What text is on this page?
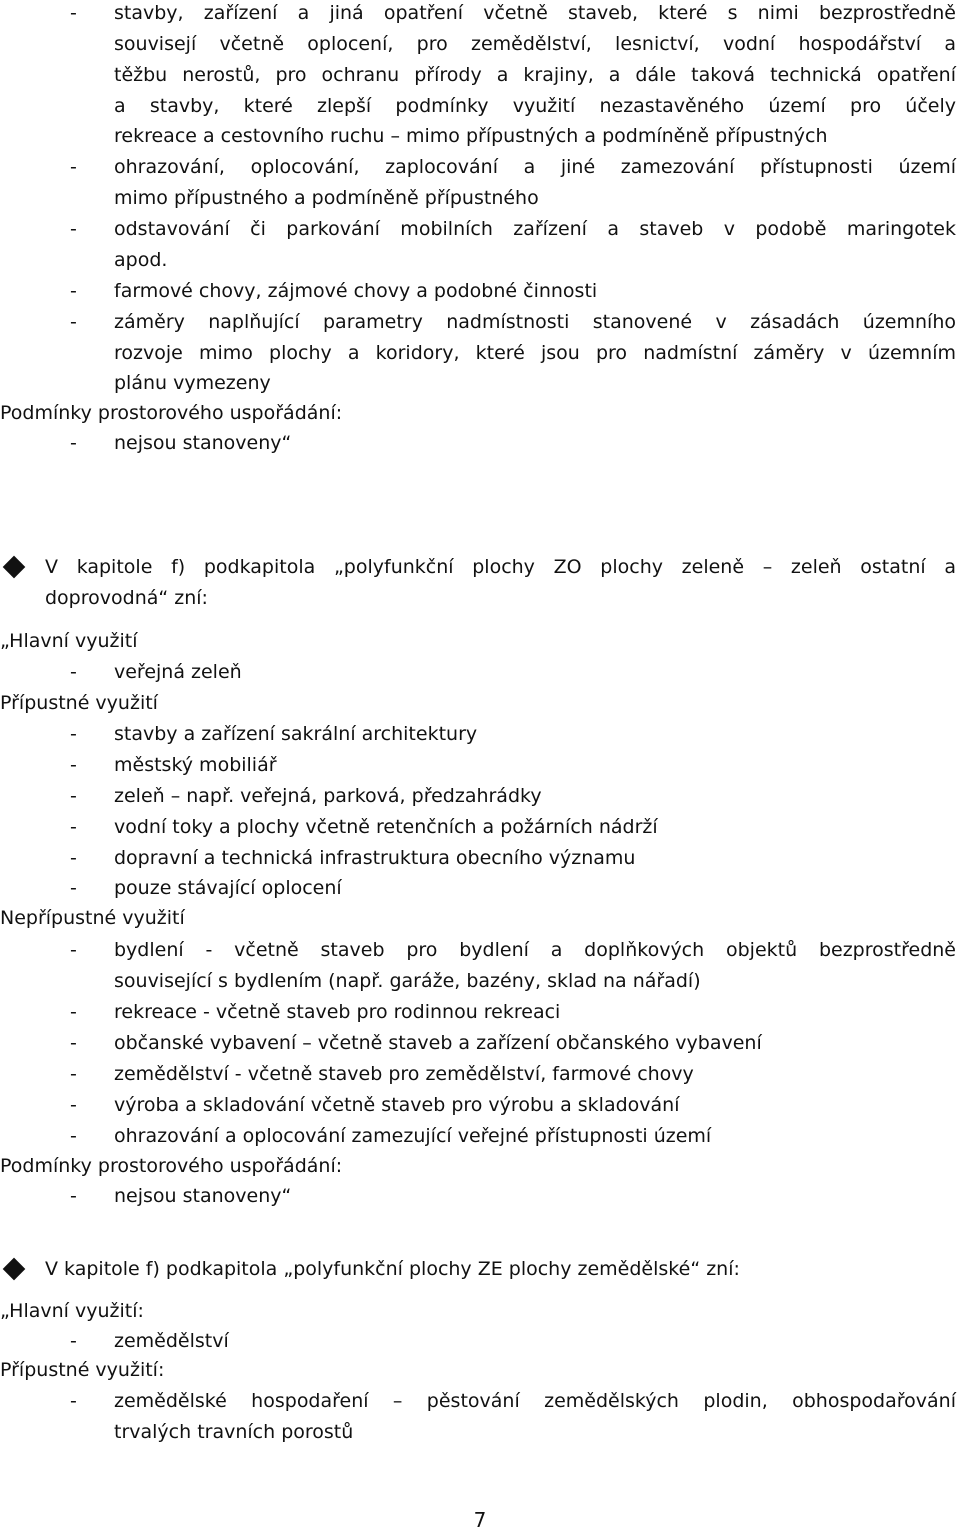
- stavby, zařízení a jiná opatření včetně staveb, které s nimi bezprostředně
souvisejí včetně oplocení, pro zemědělství, lesnictví, vodní hospodářství a
těžbu nerostů, pro ochranu přírody a krajiny, a dále taková technická opatření
a stavby, které zlepší podmínky využití nezastavěného území pro účely
rekreace a cestovního ruchu – mimo přípustných a podmíněně přípustných
- ohrazování, oplocování, zaplocování a jiné zamezování přístupnosti území
mimo přípustného a podmíněně přípustného
- odstavování či parkování mobilních zařízení a staveb v podobě maringotek
apod.
- farmové chovy, zájmové chovy a podobné činnosti
- záměry naplňující parametry nadmístnosti stanovené v zásadách územního
rozvoje mimo plochy a koridory, které jsou pro nadmístní záměry v územním
plánu vymezeny
Podmínky prostorového uspořádání:
- nejsou stanoveny“
V kapitole f) podkapitola „polyfunkční plochy ZO plochy zeleně – zeleň ostatní a
doprovodná“ zní:
„Hlavní využití
- veřejná zeleň
Přípustné využití
- stavby a zařízení sakrální architektury
- městský mobiliář
- zeleň – např. veřejná, parková, předzahrádky
- vodní toky a plochy včetně retenčních a požárních nádrží
- dopravní a technická infrastruktura obecního významu
- pouze stávající oplocení
Nepřípustné využití
- bydlení - včetně staveb pro bydlení a doplňkových objektů bezprostředně
související s bydlením (např. garáže, bazény, sklad na nářadí)
- rekreace - včetně staveb pro rodinnou rekreaci
- občanské vybavení – včetně staveb a zařízení občanského vybavení
- zemědělství - včetně staveb pro zemědělství, farmové chovy
- výroba a skladování včetně staveb pro výrobu a skladování
- ohrazování a oplocování zamezující veřejné přístupnosti území
Podmínky prostorového uspořádání:
- nejsou stanoveny“
V kapitole f) podkapitola „polyfunkční plochy ZE plochy zemědělské“ zní:
„Hlavní využití:
- zemědělství
Přípustné využití:
- zemědělské hospodaření – pěstování zemědělských plodin, obhospodařování
trvalých travních porostů
7
